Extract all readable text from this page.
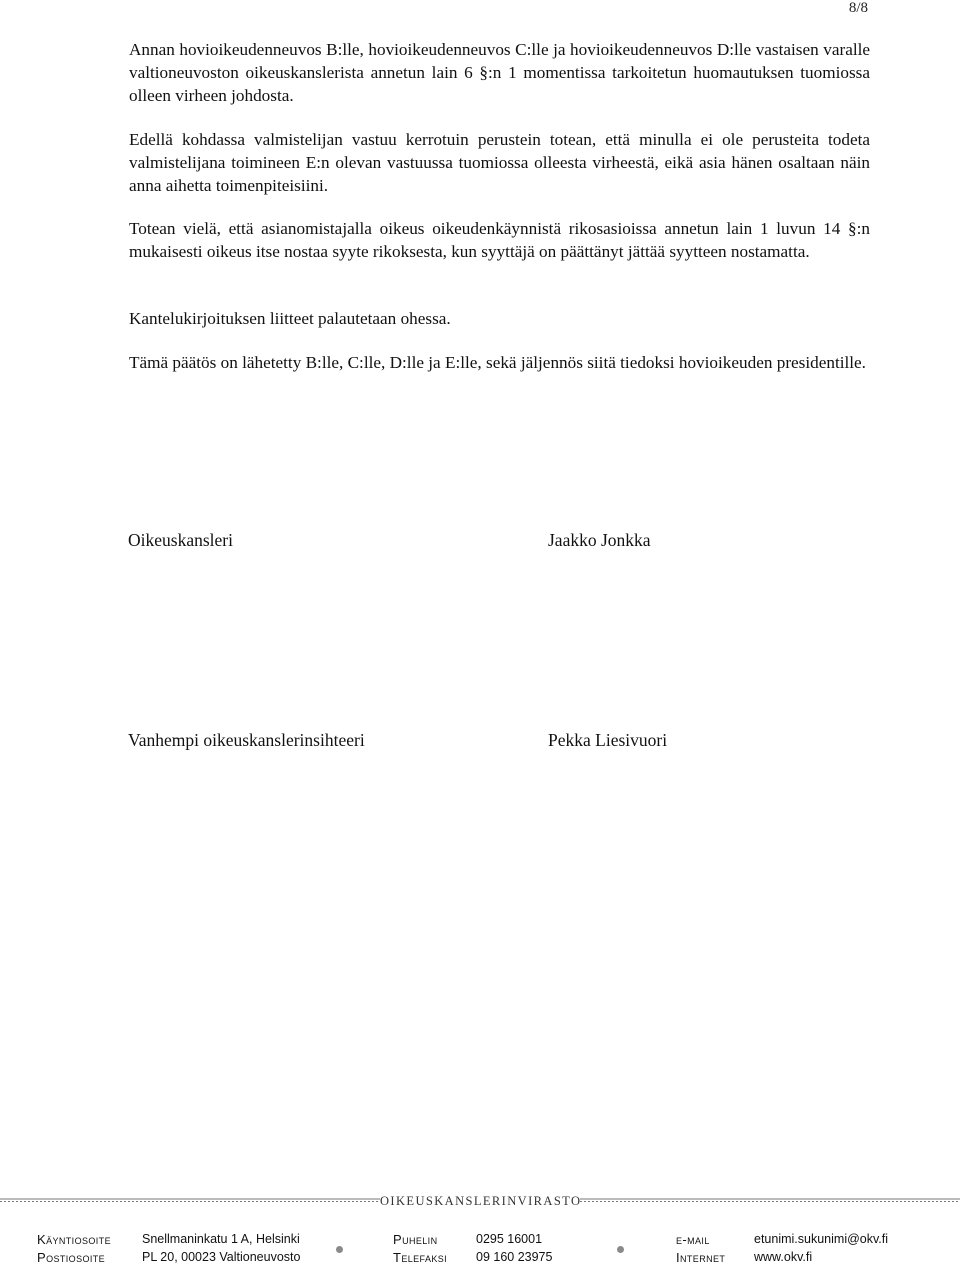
8/8

Annan hovioikeudenneuvos B:lle, hovioikeudenneuvos C:lle ja hovioikeudenneuvos D:lle vastaisen varalle valtioneuvoston oikeuskanslerista annetun lain 6 §:n 1 momentissa tarkoitetun huomautuksen tuomiossa olleen virheen johdosta.

Edellä kohdassa valmistelijan vastuu kerrotuin perustein totean, että minulla ei ole perusteita todeta valmistelijana toimineen E:n olevan vastuussa tuomiossa olleesta virheestä, eikä asia hänen osaltaan näin anna aihetta toimenpiteisiini.

Totean vielä, että asianomistajalla oikeus oikeudenkäynnistä rikosasioissa annetun lain 1 luvun 14 §:n mukaisesti oikeus itse nostaa syyte rikoksesta, kun syyttäjä on päättänyt jättää syytteen nostamatta.

Kantelukirjoituksen liitteet palautetaan ohessa.

Tämä päätös on lähetetty B:lle, C:lle, D:lle ja E:lle, sekä jäljennös siitä tiedoksi hovioikeuden presidentille.

Oikeuskansleri	Jaakko Jonkka
Vanhempi oikeuskanslerinsihteeri	Pekka Liesivuori
OIKEUSKANSLERINVIRASTO
Käyntiosoite Snellmaninkatu 1 A, Helsinki	Puhelin	0295 16001	e-mail	etunimi.sukunimi@okv.fi
Postiosoite	PL 20, 00023 Valtioneuvosto	Telefaksi 09 160 23975	Internet www.okv.fi
